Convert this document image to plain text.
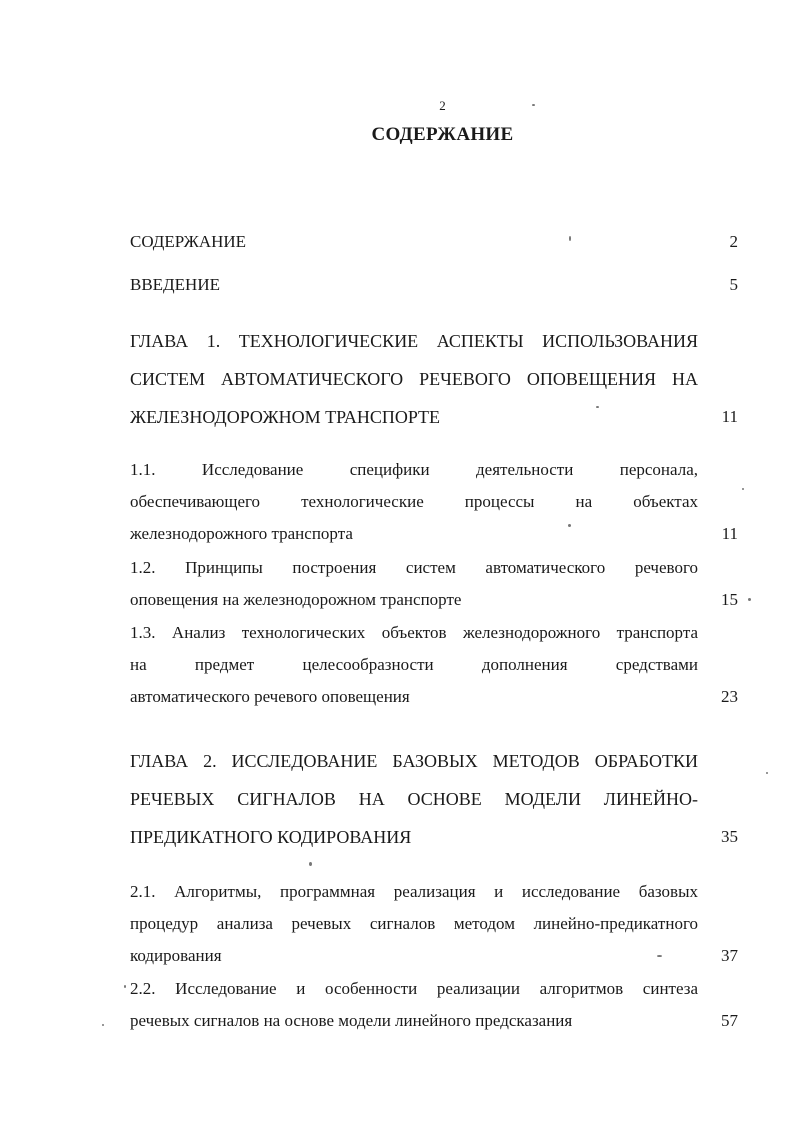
2
СОДЕРЖАНИЕ
СОДЕРЖАНИЕ	2
ВВЕДЕНИЕ	5
ГЛАВА 1. ТЕХНОЛОГИЧЕСКИЕ АСПЕКТЫ ИСПОЛЬЗОВАНИЯ
СИСТЕМ АВТОМАТИЧЕСКОГО РЕЧЕВОГО ОПОВЕЩЕНИЯ НА
ЖЕЛЕЗНОДОРОЖНОМ ТРАНСПОРТЕ	11
1.1. Исследование специфики деятельности персонала,
обеспечивающего технологические процессы на объектах
железнодорожного транспорта	11
1.2. Принципы построения систем автоматического речевого
оповещения на железнодорожном транспорте	15
1.3. Анализ технологических объектов железнодорожного транспорта
на предмет целесообразности дополнения средствами
автоматического речевого оповещения	23
ГЛАВА 2. ИССЛЕДОВАНИЕ БАЗОВЫХ МЕТОДОВ ОБРАБОТКИ
РЕЧЕВЫХ СИГНАЛОВ НА ОСНОВЕ МОДЕЛИ ЛИНЕЙНО-
ПРЕДИКАТНОГО КОДИРОВАНИЯ	35
2.1. Алгоритмы, программная реализация и исследование базовых
процедур анализа речевых сигналов методом линейно-предикатного
кодирования	37
2.2. Исследование и особенности реализации алгоритмов синтеза
речевых сигналов на основе модели линейного предсказания	57
